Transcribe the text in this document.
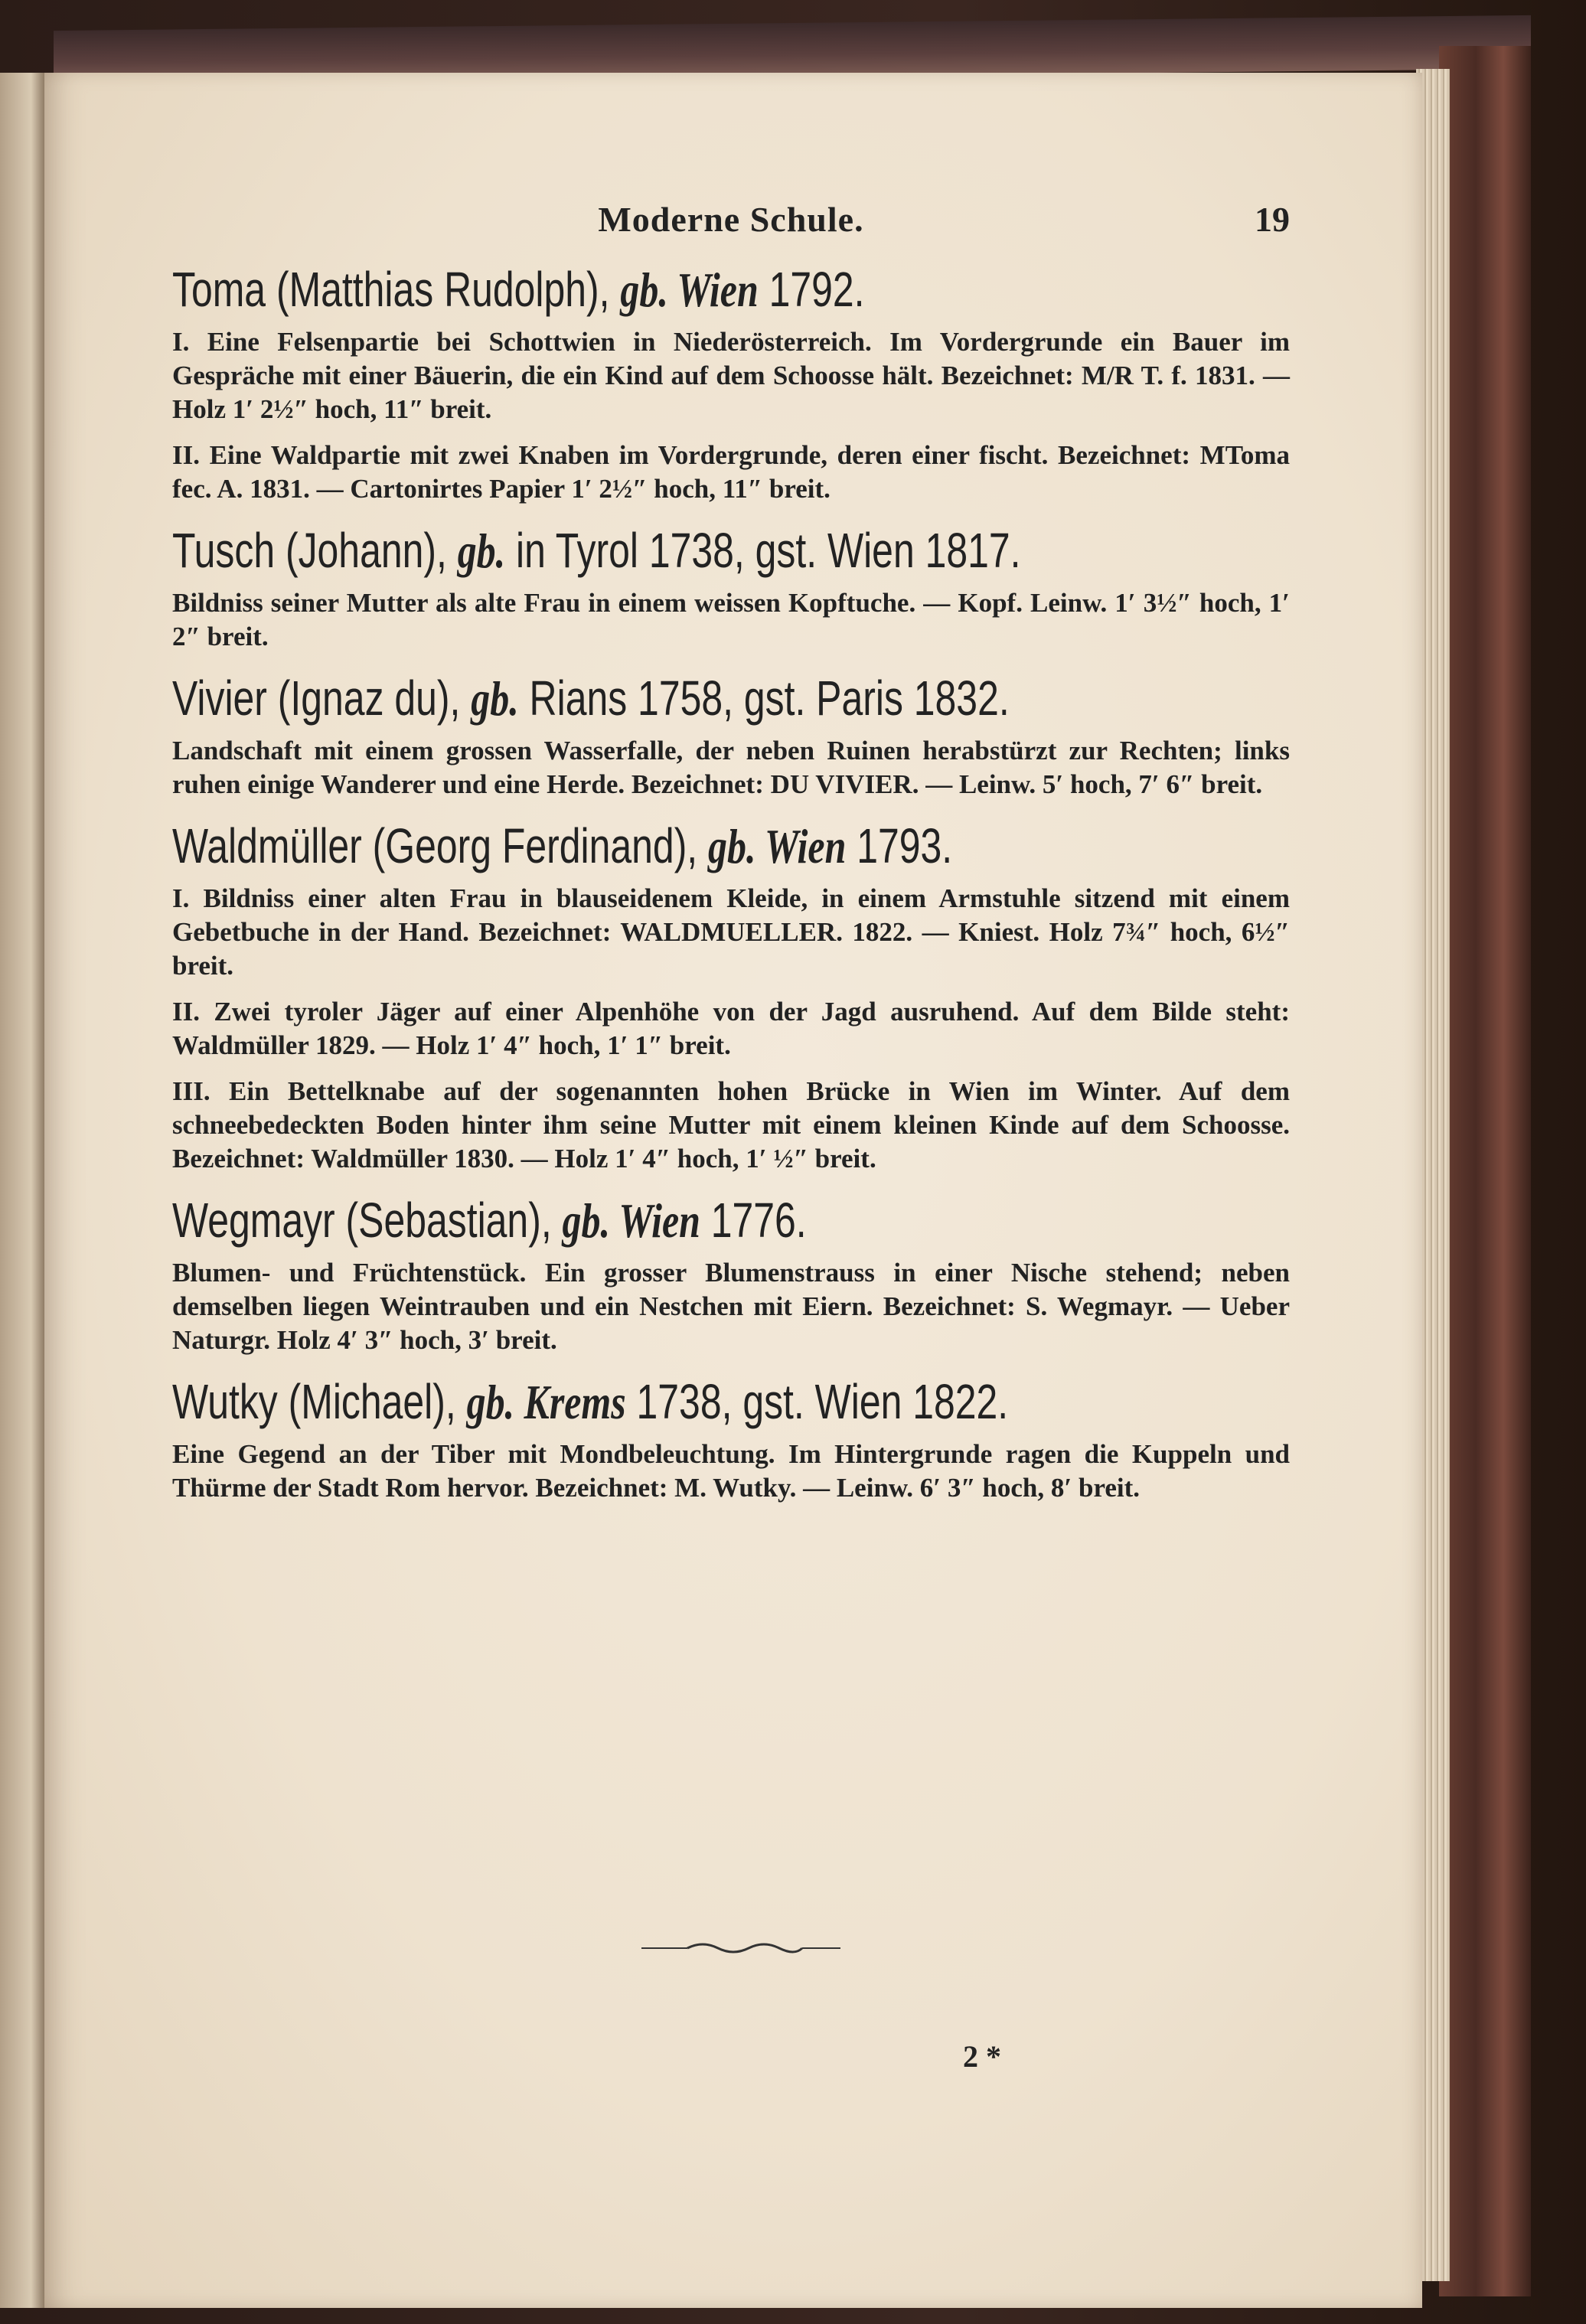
Moderne Schule.	19
Toma (Matthias Rudolph), gb. Wien 1792.
I. Eine Felsenpartie bei Schottwien in Niederösterreich. Im Vordergrunde ein Bauer im Gespräche mit einer Bäuerin, die ein Kind auf dem Schoosse hält. Bezeichnet: M/R T. f. 1831. — Holz 1′ 2½″ hoch, 11″ breit.
II. Eine Waldpartie mit zwei Knaben im Vordergrunde, deren einer fischt. Bezeichnet: MToma fec. A. 1831. — Cartonirtes Papier 1′ 2½″ hoch, 11″ breit.
Tusch (Johann), gb. in Tyrol 1738, gst. Wien 1817.
Bildniss seiner Mutter als alte Frau in einem weissen Kopftuche. — Kopf. Leinw. 1′ 3½″ hoch, 1′ 2″ breit.
Vivier (Ignaz du), gb. Rians 1758, gst. Paris 1832.
Landschaft mit einem grossen Wasserfalle, der neben Ruinen herabstürzt zur Rechten; links ruhen einige Wanderer und eine Herde. Bezeichnet: DU VIVIER. — Leinw. 5′ hoch, 7′ 6″ breit.
Waldmüller (Georg Ferdinand), gb. Wien 1793.
I. Bildniss einer alten Frau in blauseidenem Kleide, in einem Armstuhle sitzend mit einem Gebetbuche in der Hand. Bezeichnet: WALDMUELLER. 1822. — Kniest. Holz 7¾″ hoch, 6½″ breit.
II. Zwei tyroler Jäger auf einer Alpenhöhe von der Jagd ausruhend. Auf dem Bilde steht: Waldmüller 1829. — Holz 1′ 4″ hoch, 1′ 1″ breit.
III. Ein Bettelknabe auf der sogenannten hohen Brücke in Wien im Winter. Auf dem schneebedeckten Boden hinter ihm seine Mutter mit einem kleinen Kinde auf dem Schoosse. Bezeichnet: Waldmüller 1830. — Holz 1′ 4″ hoch, 1′ ½″ breit.
Wegmayr (Sebastian), gb. Wien 1776.
Blumen- und Früchtenstück. Ein grosser Blumenstrauss in einer Nische stehend; neben demselben liegen Weintrauben und ein Nestchen mit Eiern. Bezeichnet: S. Wegmayr. — Ueber Naturgr. Holz 4′ 3″ hoch, 3′ breit.
Wutky (Michael), gb. Krems 1738, gst. Wien 1822.
Eine Gegend an der Tiber mit Mondbeleuchtung. Im Hintergrunde ragen die Kuppeln und Thürme der Stadt Rom hervor. Bezeichnet: M. Wutky. — Leinw. 6′ 3″ hoch, 8′ breit.
2 *
